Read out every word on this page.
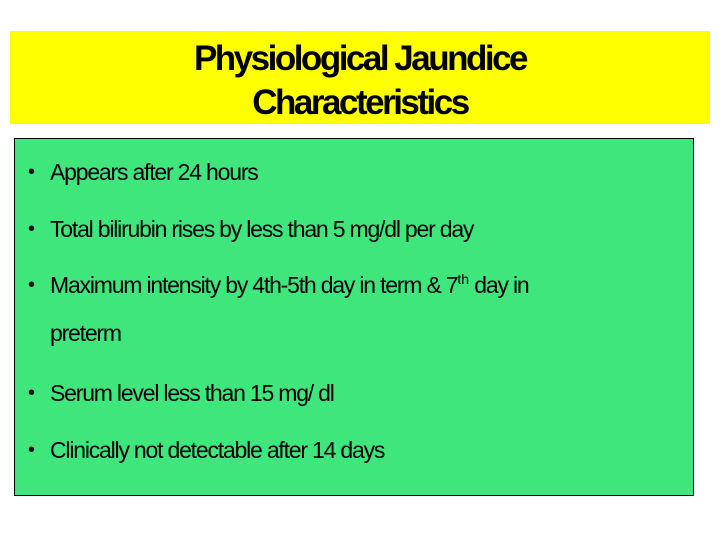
Physiological Jaundice
Characteristics
• Appears after 24 hours
• Total bilirubin rises by less than 5 mg/dl per day
• Maximum intensity by 4th-5th day in term & 7th day in
preterm
• Serum level less than 15 mg/ dl
• Clinically not detectable after 14 days
